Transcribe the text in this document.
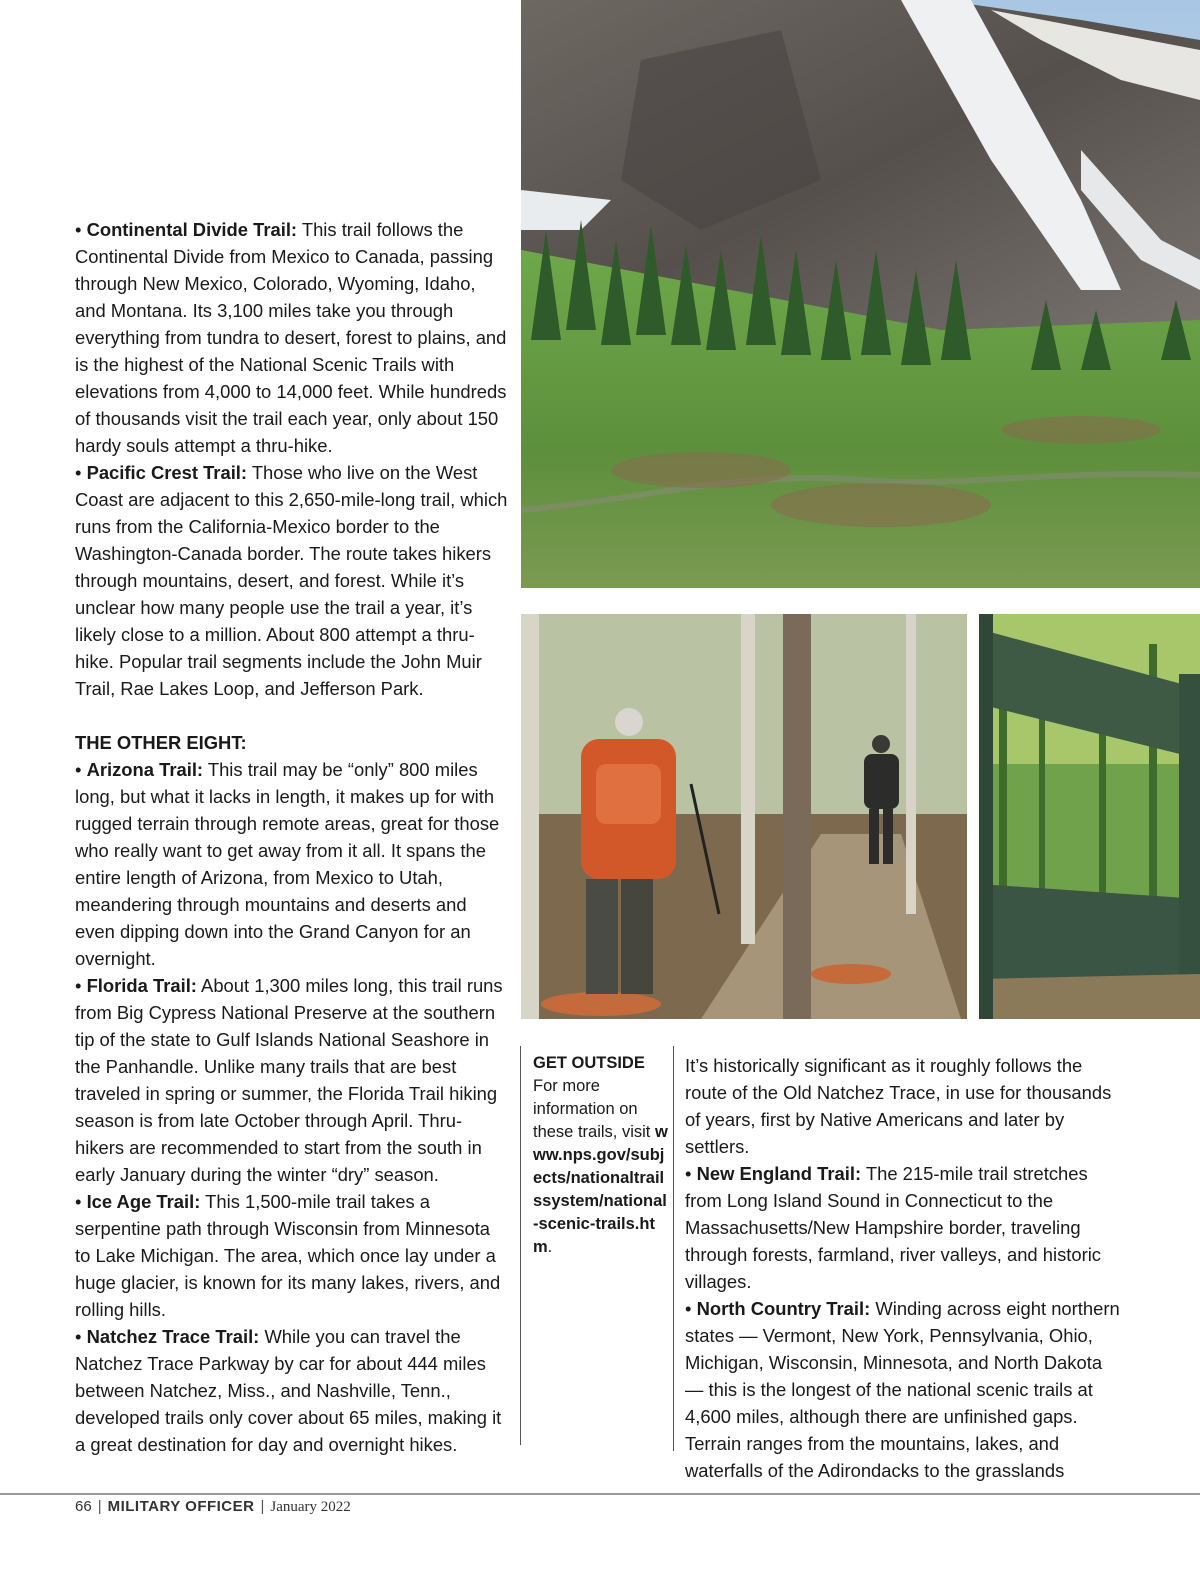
• Continental Divide Trail: This trail follows the Continental Divide from Mexico to Canada, passing through New Mexico, Colorado, Wyoming, Idaho, and Montana. Its 3,100 miles take you through everything from tundra to desert, forest to plains, and is the highest of the National Scenic Trails with elevations from 4,000 to 14,000 feet. While hundreds of thousands visit the trail each year, only about 150 hardy souls attempt a thru-hike.

• Pacific Crest Trail: Those who live on the West Coast are adjacent to this 2,650-mile-long trail, which runs from the California-Mexico border to the Washington-Canada border. The route takes hikers through mountains, desert, and forest. While it’s unclear how many people use the trail a year, it’s likely close to a million. About 800 attempt a thru-hike. Popular trail segments include the John Muir Trail, Rae Lakes Loop, and Jefferson Park.

THE OTHER EIGHT:

• Arizona Trail: This trail may be “only” 800 miles long, but what it lacks in length, it makes up for with rugged terrain through remote areas, great for those who really want to get away from it all. It spans the entire length of Arizona, from Mexico to Utah, meandering through mountains and deserts and even dipping down into the Grand Canyon for an overnight.

• Florida Trail: About 1,300 miles long, this trail runs from Big Cypress National Preserve at the southern tip of the state to Gulf Islands National Seashore in the Panhandle. Unlike many trails that are best traveled in spring or summer, the Florida Trail hiking season is from late October through April. Thru-hikers are recommended to start from the south in early January during the winter “dry” season.

• Ice Age Trail: This 1,500-mile trail takes a serpentine path through Wisconsin from Minnesota to Lake Michigan. The area, which once lay under a huge glacier, is known for its many lakes, rivers, and rolling hills.

• Natchez Trace Trail: While you can travel the Natchez Trace Parkway by car for about 444 miles between Natchez, Miss., and Nashville, Tenn., developed trails only cover about 65 miles, making it a great destination for day and overnight hikes.

GET OUTSIDE

For more information on these trails, visit www.nps.gov/subjects/nationaltrailssystem/national-scenic-trails.htm.

It’s historically significant as it roughly follows the route of the Old Natchez Trace, in use for thousands of years, first by Native Americans and later by settlers.

• New England Trail: The 215-mile trail stretches from Long Island Sound in Connecticut to the Massachusetts/New Hampshire border, traveling through forests, farmland, river valleys, and historic villages.

• North Country Trail: Winding across eight northern states — Vermont, New York, Pennsylvania, Ohio, Michigan, Wisconsin, Minnesota, and North Dakota — this is the longest of the national scenic trails at 4,600 miles, although there are unfinished gaps. Terrain ranges from the mountains, lakes, and waterfalls of the Adirondacks to the grasslands

66 | MILITARY OFFICER | January 2022
